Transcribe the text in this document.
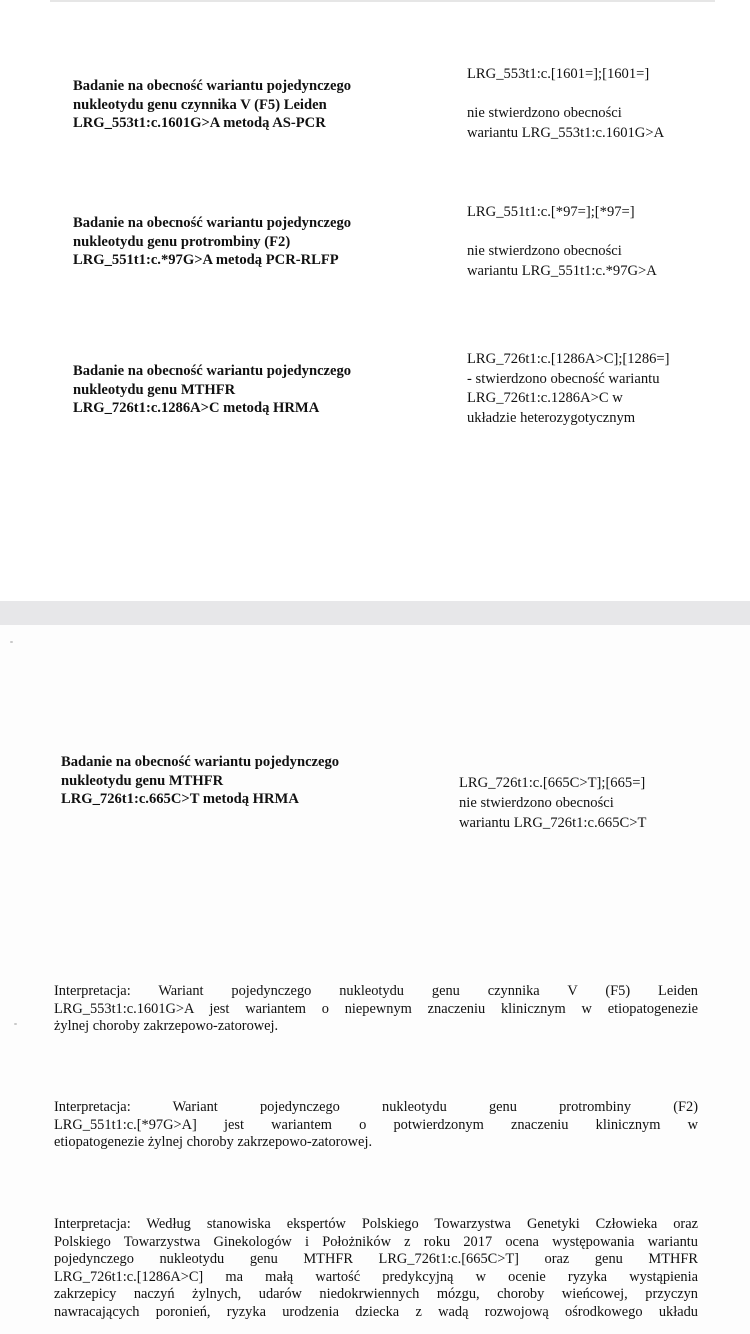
Badanie na obecność wariantu pojedynczego
nukleotydu genu czynnika V (F5) Leiden
LRG_553t1:c.1601G>A metodą AS-PCR
LRG_553t1:c.[1601=];[1601=]
nie stwierdzono obecności
wariantu LRG_553t1:c.1601G>A
Badanie na obecność wariantu pojedynczego
nukleotydu genu protrombiny (F2)
LRG_551t1:c.*97G>A metodą PCR-RLFP
LRG_551t1:c.[*97=];[*97=]
nie stwierdzono obecności
wariantu LRG_551t1:c.*97G>A
Badanie na obecność wariantu pojedynczego
nukleotydu genu MTHFR
LRG_726t1:c.1286A>C metodą HRMA
LRG_726t1:c.[1286A>C];[1286=]
- stwierdzono obecność wariantu
LRG_726t1:c.1286A>C w
układzie heterozygotycznym
Badanie na obecność wariantu pojedynczego
nukleotydu genu MTHFR
LRG_726t1:c.665C>T metodą HRMA
LRG_726t1:c.[665C>T];[665=]
nie stwierdzono obecności
wariantu LRG_726t1:c.665C>T
Interpretacja: Wariant pojedynczego nukleotydu genu czynnika V (F5) Leiden
LRG_553t1:c.1601G>A jest wariantem o niepewnym znaczeniu klinicznym w etiopatogenezie
żylnej choroby zakrzepowo-zatorowej.
Interpretacja: Wariant pojedynczego nukleotydu genu protrombiny (F2)
LRG_551t1:c.[*97G>A] jest wariantem o potwierdzonym znaczeniu klinicznym w
etiopatogenezie żylnej choroby zakrzepowo-zatorowej.
Interpretacja: Według stanowiska ekspertów Polskiego Towarzystwa Genetyki Człowieka oraz
Polskiego Towarzystwa Ginekologów i Położników z roku 2017 ocena występowania wariantu
pojedynczego nukleotydu genu MTHFR LRG_726t1:c.[665C>T] oraz genu MTHFR
LRG_726t1:c.[1286A>C] ma małą wartość predykcyjną w ocenie ryzyka wystąpienia
zakrzepicy naczyń żylnych, udarów niedokrwiennych mózgu, choroby wieńcowej, przyczyn
nawracających poronień, ryzyka urodzenia dziecka z wadą rozwojową ośrodkowego układu
